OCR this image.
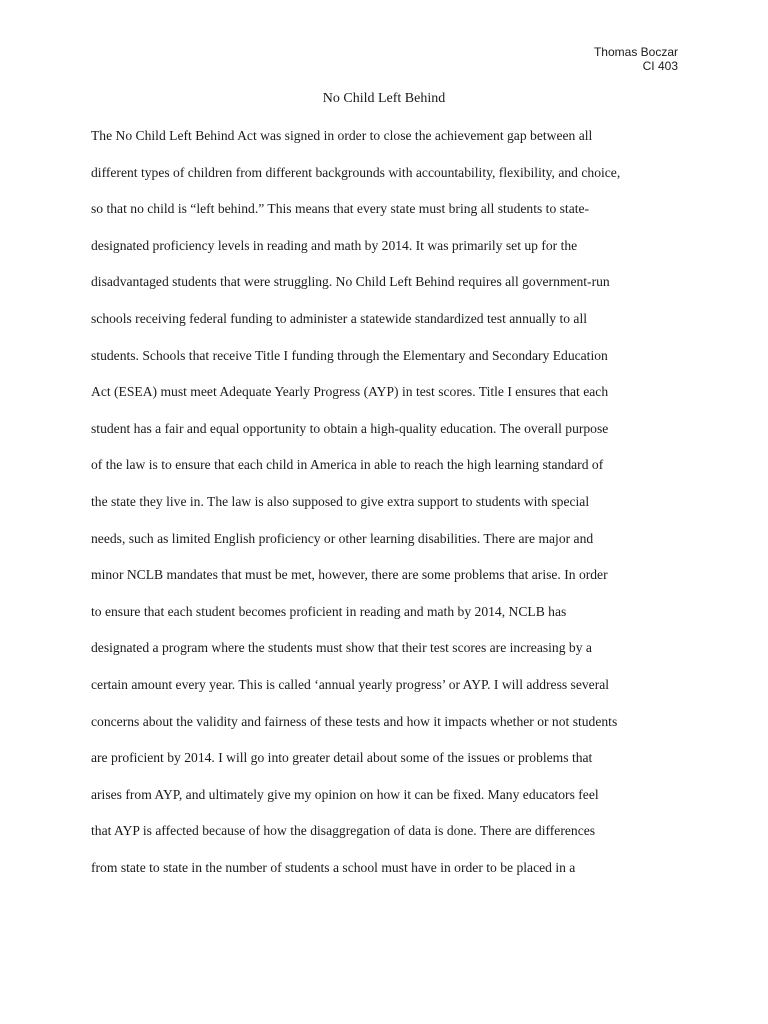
Thomas Boczar
CI 403
No Child Left Behind
The No Child Left Behind Act was signed in order to close the achievement gap between all
different types of children from different backgrounds with accountability, flexibility, and choice,
so that no child is “left behind.” This means that every state must bring all students to state-
designated proficiency levels in reading and math by 2014. It was primarily set up for the
disadvantaged students that were struggling. No Child Left Behind requires all government-run
schools receiving federal funding to administer a statewide standardized test annually to all
students. Schools that receive Title I funding through the Elementary and Secondary Education
Act (ESEA) must meet Adequate Yearly Progress (AYP) in test scores. Title I ensures that each
student has a fair and equal opportunity to obtain a high-quality education. The overall purpose
of the law is to ensure that each child in America in able to reach the high learning standard of
the state they live in. The law is also supposed to give extra support to students with special
needs, such as limited English proficiency or other learning disabilities. There are major and
minor NCLB mandates that must be met, however, there are some problems that arise. In order
to ensure that each student becomes proficient in reading and math by 2014, NCLB has
designated a program where the students must show that their test scores are increasing by a
certain amount every year. This is called ‘annual yearly progress’ or AYP. I will address several
concerns about the validity and fairness of these tests and how it impacts whether or not students
are proficient by 2014. I will go into greater detail about some of the issues or problems that
arises from AYP, and ultimately give my opinion on how it can be fixed. Many educators feel
that AYP is affected because of how the disaggregation of data is done. There are differences
from state to state in the number of students a school must have in order to be placed in a
